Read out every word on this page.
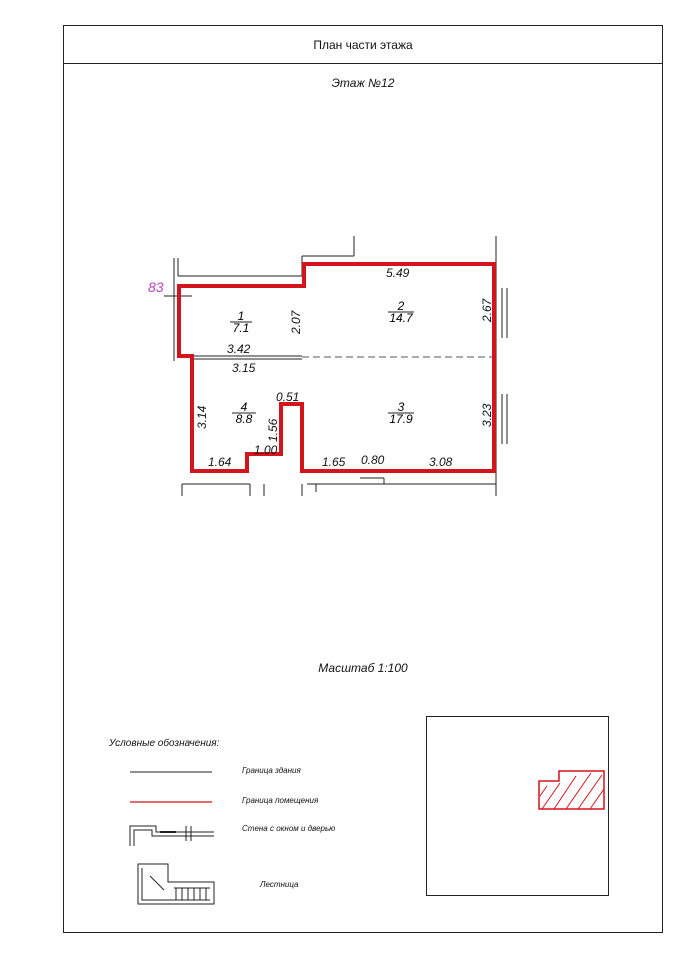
План части этажа
Этаж №12
83
1
7.1
2
14.7
3
17.9
4
8.8
5.49
2.67
3.23
3.42
2.07
3.15
3.14
0.51
1.56
1.64
1.00
1.65 0.80	3.08
Масштаб 1:100
Условные обозначения:
Граница здания
Граница помещения
Стена с окном и дверью
Лестница
